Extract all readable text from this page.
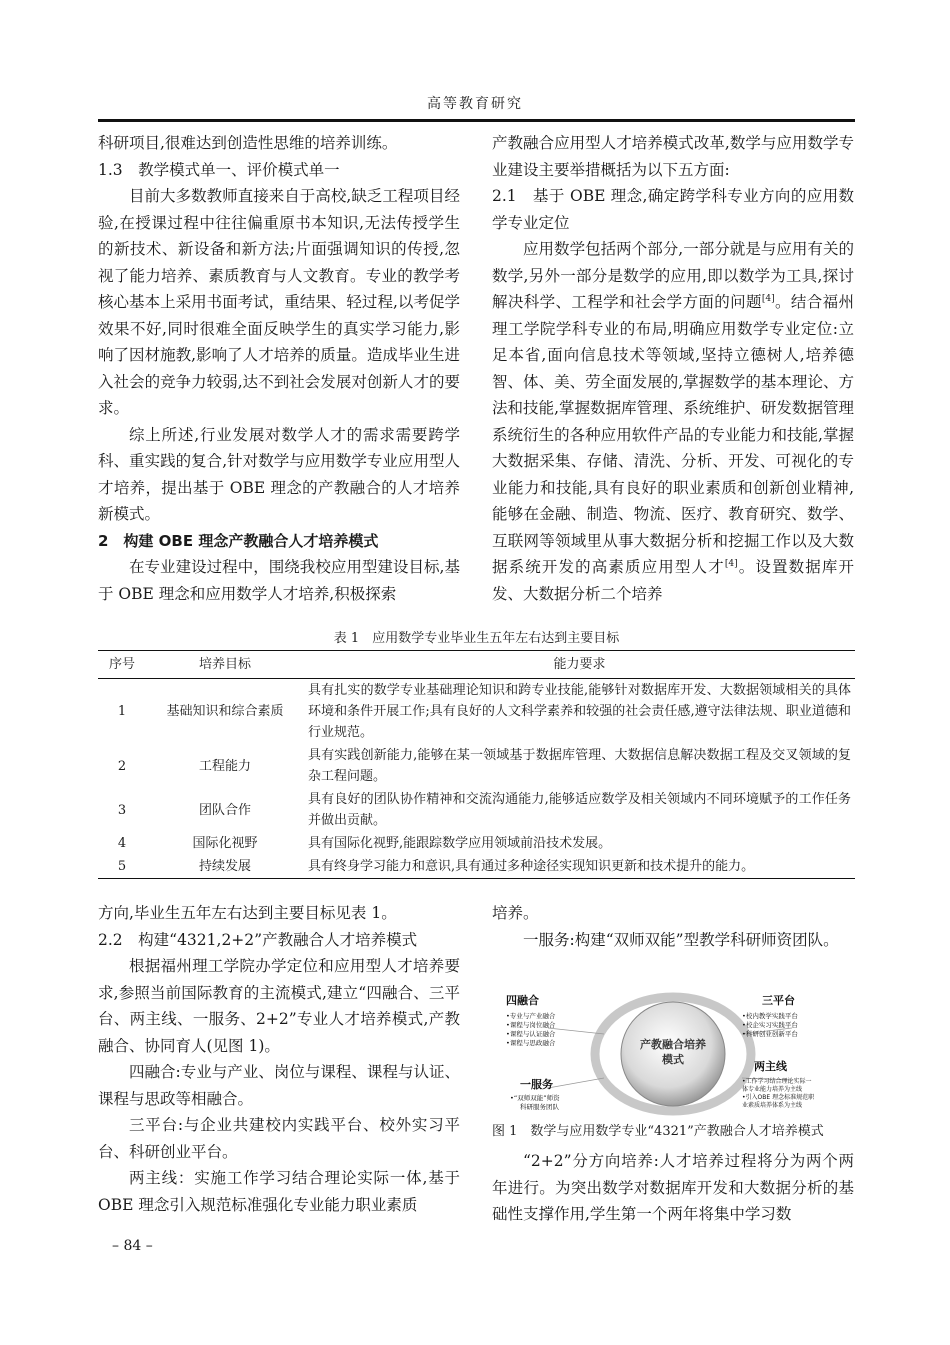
高等教育研究

科研项目,很难达到创造性思维的培养训练。

1.3　教学模式单一、评价模式单一

目前大多数教师直接来自于高校,缺乏工程项目经验,在授课过程中往往偏重原书本知识,无法传授学生的新技术、新设备和新方法;片面强调知识的传授,忽视了能力培养、素质教育与人文教育。专业的教学考核心基本上采用书面考试，重结果、轻过程,以考促学效果不好,同时很难全面反映学生的真实学习能力,影响了因材施教,影响了人才培养的质量。造成毕业生进入社会的竞争力较弱,达不到社会发展对创新人才的要求。

综上所述,行业发展对数学人才的需求需要跨学科、重实践的复合,针对数学与应用数学专业应用型人才培养，提出基于 OBE 理念的产教融合的人才培养新模式。

2　构建 OBE 理念产教融合人才培养模式

在专业建设过程中，围绕我校应用型建设目标,基于 OBE 理念和应用数学人才培养,积极探索

产教融合应用型人才培养模式改革,数学与应用数学专业建设主要举措概括为以下五方面:

2.1　基于 OBE 理念,确定跨学科专业方向的应用数学专业定位

应用数学包括两个部分,一部分就是与应用有关的数学,另外一部分是数学的应用,即以数学为工具,探讨解决科学、工程学和社会学方面的问题[4]。结合福州理工学院学科专业的布局,明确应用数学专业定位:立足本省,面向信息技术等领域,坚持立德树人,培养德智、体、美、劳全面发展的,掌握数学的基本理论、方法和技能,掌握数据库管理、系统维护、研发数据管理系统衍生的各种应用软件产品的专业能力和技能,掌握大数据采集、存储、清洗、分析、开发、可视化的专业能力和技能,具有良好的职业素质和创新创业精神,能够在金融、制造、物流、医疗、教育研究、数学、互联网等领域里从事大数据分析和挖掘工作以及大数据系统开发的高素质应用型人才[4]。设置数据库开发、大数据分析二个培养

表 1　应用数学专业毕业生五年左右达到主要目标
序号	培养目标	能力要求
1	基础知识和综合素质	具有扎实的数学专业基础理论知识和跨专业技能,能够针对数据库开发、大数据领域相关的具体环境和条件开展工作;具有良好的人文科学素养和较强的社会责任感,遵守法律法规、职业道德和行业规范。
2	工程能力	具有实践创新能力,能够在某一领域基于数据库管理、大数据信息解决数据工程及交叉领域的复杂工程问题。
3	团队合作	具有良好的团队协作精神和交流沟通能力,能够适应数学及相关领域内不同环境赋予的工作任务并做出贡献。
4	国际化视野	具有国际化视野,能跟踪数学应用领域前沿技术发展。
5	持续发展	具有终身学习能力和意识,具有通过多种途径实现知识更新和技术提升的能力。

方向,毕业生五年左右达到主要目标见表 1。

2.2　构建“4321,2+2”产教融合人才培养模式

根据福州理工学院办学定位和应用型人才培养要求,参照当前国际教育的主流模式,建立“四融合、三平台、两主线、一服务、2+2”专业人才培养模式,产教融合、协同育人(见图 1)。

四融合:专业与产业、岗位与课程、课程与认证、课程与思政等相融合。

三平台:与企业共建校内实践平台、校外实习平台、科研创业平台。

两主线：实施工作学习结合理论实际一体,基于 OBE 理念引入规范标准强化专业能力职业素质

培养。

一服务:构建“双师双能”型教学科研师资团队。

产教融合培养
模式
四融合
•专业与产业融合
•课程与岗位融合
•课程与认证融合
•课程与思政融合
三平台
•校内教学实践平台
•校企实习实践平台
•科研创业创新平台
一服务
•“双师双能”师资
科研服务团队
两主线
•工作学习结合理论实际一
体专业能力培养为主线
•引入OBE 理念标准规范职
业素质培养体系为主线
图 1　数学与应用数学专业“4321”产教融合人才培养模式

“2+2”分方向培养:人才培养过程将分为两个两年进行。为突出数学对数据库开发和大数据分析的基础性支撑作用,学生第一个两年将集中学习数

– 84 –
